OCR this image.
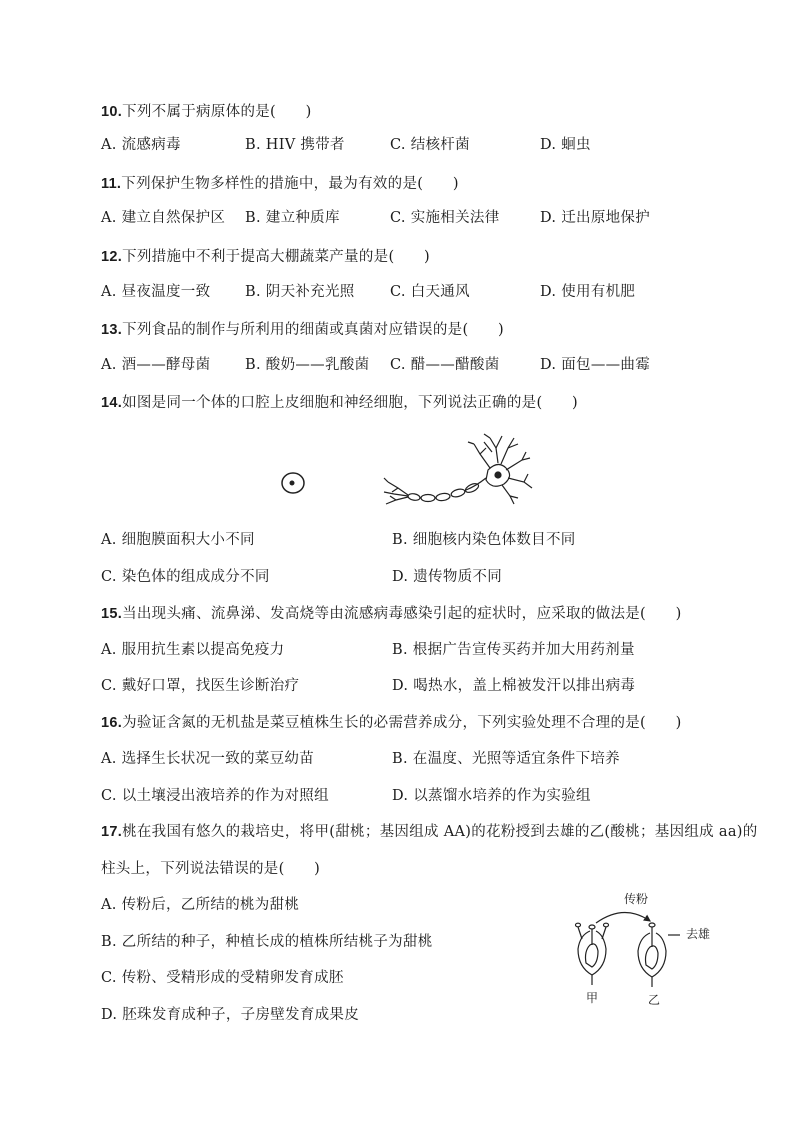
10.下列不属于病原体的是(　　)
A. 流感病毒	B. HIV 携带者	C. 结核杆菌	D. 蛔虫
11.下列保护生物多样性的措施中，最为有效的是(　　)
A. 建立自然保护区 B. 建立种质库	C. 实施相关法律	D. 迁出原地保护
12.下列措施中不利于提高大棚蔬菜产量的是(　　)
A. 昼夜温度一致 B. 阴天补充光照 C. 白天通风	D. 使用有机肥
13.下列食品的制作与所利用的细菌或真菌对应错误的是(　　)
A. 酒——酵母菌 B. 酸奶——乳酸菌 C. 醋——醋酸菌	D. 面包——曲霉
14.如图是同一个体的口腔上皮细胞和神经细胞，下列说法正确的是(　　)
A. 细胞膜面积大小不同	B. 细胞核内染色体数目不同
C. 染色体的组成成分不同	D. 遗传物质不同
15.当出现头痛、流鼻涕、发高烧等由流感病毒感染引起的症状时，应采取的做法是(　　)
A. 服用抗生素以提高免疫力	B. 根据广告宣传买药并加大用药剂量
C. 戴好口罩，找医生诊断治疗	D. 喝热水，盖上棉被发汗以排出病毒
16.为验证含氮的无机盐是菜豆植株生长的必需营养成分，下列实验处理不合理的是(　　)
A. 选择生长状况一致的菜豆幼苗	B. 在温度、光照等适宜条件下培养
C. 以土壤浸出液培养的作为对照组	D. 以蒸馏水培养的作为实验组
17.桃在我国有悠久的栽培史，将甲(甜桃；基因组成 AA)的花粉授到去雄的乙(酸桃；基因组成 aa)的
柱头上，下列说法错误的是(　　)
A. 传粉后，乙所结的桃为甜桃
B. 乙所结的种子，种植长成的植株所结桃子为甜桃
C. 传粉、受精形成的受精卵发育成胚
D. 胚珠发育成种子，子房壁发育成果皮
传粉
去雄
甲	乙
